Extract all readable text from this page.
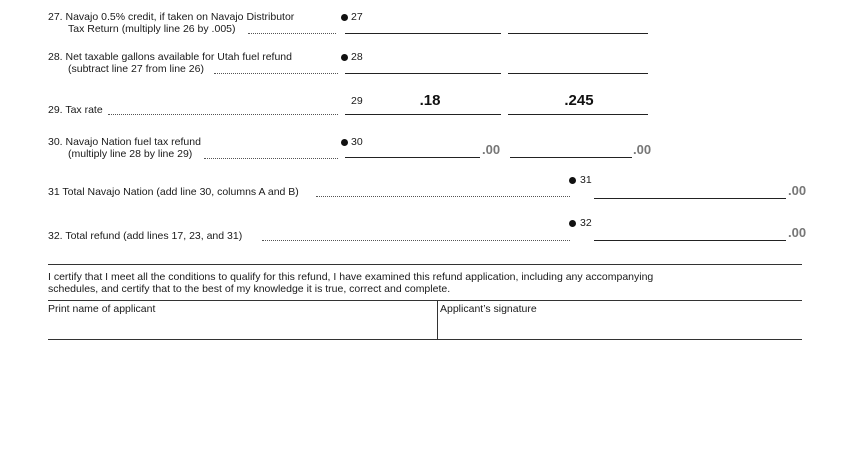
27. Navajo 0.5% credit, if taken on Navajo Distributor
Tax Return (multiply line 26 by .005)
27
28. Net taxable gallons available for Utah fuel refund
(subtract line 27 from line 26)
28
29. Tax rate
29	.18	.245
30. Navajo Nation fuel tax refund
(multiply line 28 by line 29)
30	.00	.00
31 Total Navajo Nation (add line 30, columns A and B)
31
.00
32. Total refund (add lines 17, 23, and 31)
32
.00
I certify that I meet all the conditions to qualify for this refund, I have examined this refund application, including any accompanying
schedules, and certify that to the best of my knowledge it is true, correct and complete.
Print name of applicant	Applicant’s signature
